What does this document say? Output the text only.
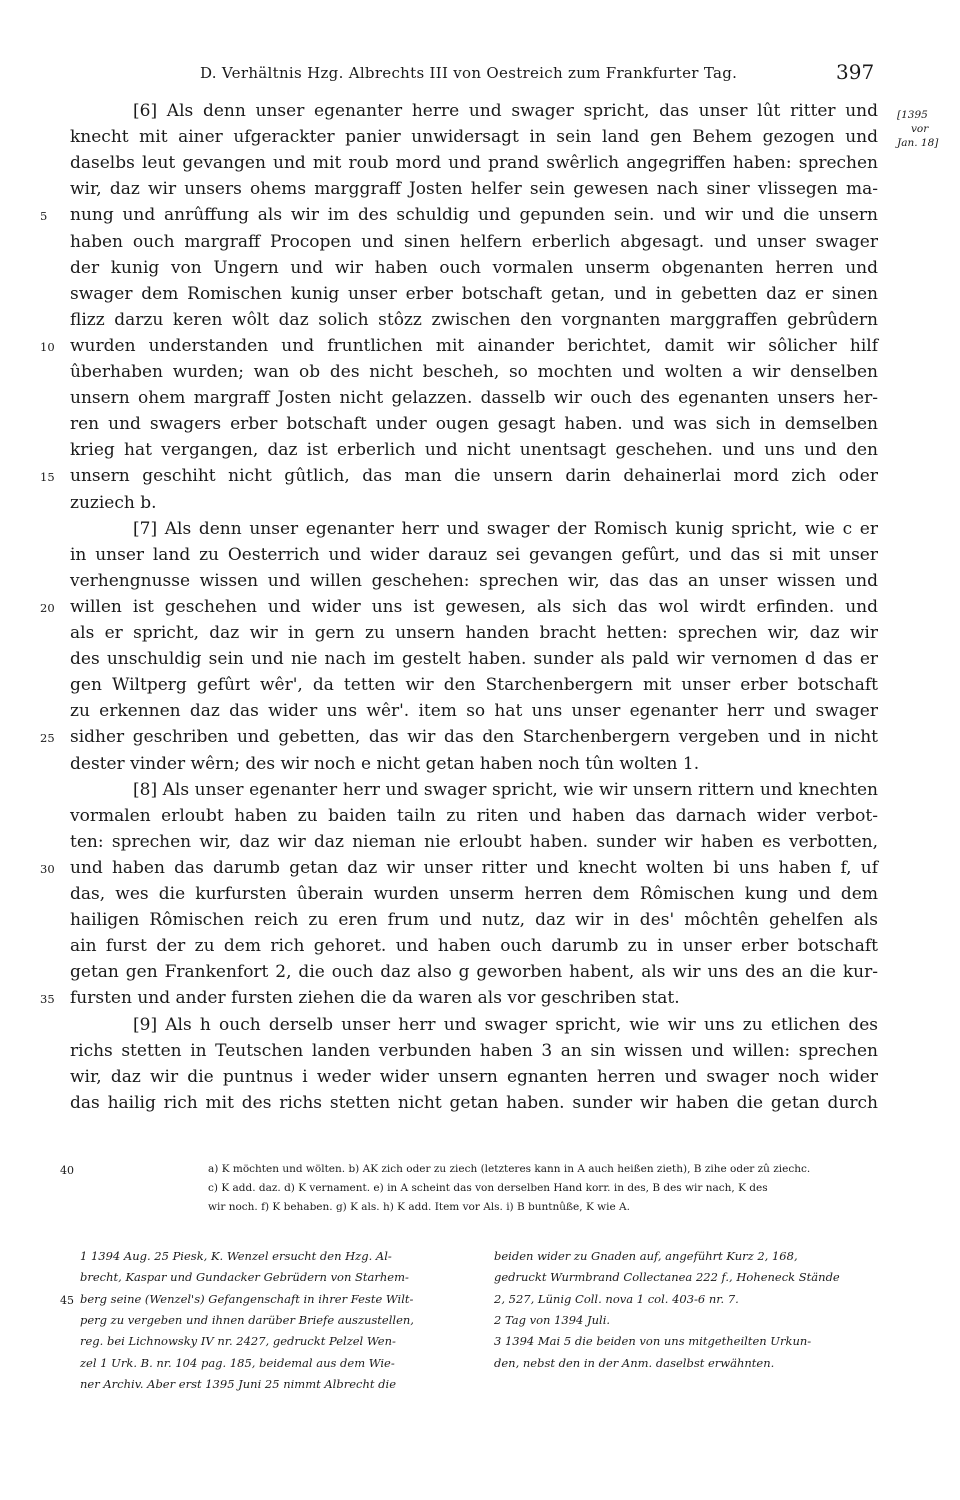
D. Verhältnis Hzg. Albrechts III von Oestreich zum Frankfurter Tag.	397
[1395
vor
Jan. 18]
[6] Als denn unser egenanter herre und swager spricht, das unser lût ritter und
knecht mit ainer ufgerackter panier unwidersagt in sein land gen Behem gezogen und
daselbs leut gevangen und mit roub mord und prand swêrlich angegriffen haben: sprechen
wir, daz wir unsers ohems marggraff Josten helfer sein gewesen nach siner vlissegen ma-
nung und anrûffung als wir im des schuldig und gepunden sein. und wir und die unsern
5
haben ouch margraff Procopen und sinen helfern erberlich abgesagt. und unser swager
der kunig von Ungern und wir haben ouch vormalen unserm obgenanten herren und
swager dem Romischen kunig unser erber botschaft getan, und in gebetten daz er sinen
flizz darzu keren wôlt daz solich stôzz zwischen den vorgnanten marggraffen gebrûdern
wurden understanden und fruntlichen mit ainander berichtet, damit wir sôlicher hilf
10
ûberhaben wurden; wan ob des nicht bescheh, so mochten und wolten a wir denselben
unsern ohem margraff Josten nicht gelazzen. dasselb wir ouch des egenanten unsers her-
ren und swagers erber botschaft under ougen gesagt haben. und was sich in demselben
krieg hat vergangen, daz ist erberlich und nicht unentsagt geschehen. und uns und den
unsern geschiht nicht gûtlich, das man die unsern darin dehainerlai mord zich oder
15
zuziech b.
[7] Als denn unser egenanter herr und swager der Romisch kunig spricht, wie c er
in unser land zu Oesterrich und wider darauz sei gevangen gefûrt, und das si mit unser
verhengnusse wissen und willen geschehen: sprechen wir, das das an unser wissen und
willen ist geschehen und wider uns ist gewesen, als sich das wol wirdt erfinden. und
20
als er spricht, daz wir in gern zu unsern handen bracht hetten: sprechen wir, daz wir
des unschuldig sein und nie nach im gestelt haben. sunder als pald wir vernomen d das er
gen Wiltperg gefûrt wêr', da tetten wir den Starchenbergern mit unser erber botschaft
zu erkennen daz das wider uns wêr'. item so hat uns unser egenanter herr und swager
sidher geschriben und gebetten, das wir das den Starchenbergern vergeben und in nicht
25
dester vinder wêrn; des wir noch e nicht getan haben noch tûn wolten 1.
[8] Als unser egenanter herr und swager spricht, wie wir unsern rittern und knechten
vormalen erloubt haben zu baiden tailn zu riten und haben das darnach wider verbot-
ten: sprechen wir, daz wir daz nieman nie erloubt haben. sunder wir haben es verbotten,
und haben das darumb getan daz wir unser ritter und knecht wolten bi uns haben f, uf
30
das, wes die kurfursten ûberain wurden unserm herren dem Rômischen kung und dem
hailigen Rômischen reich zu eren frum und nutz, daz wir in des' môchtên gehelfen als
ain furst der zu dem rich gehoret. und haben ouch darumb zu in unser erber botschaft
getan gen Frankenfort 2, die ouch daz also g geworben habent, als wir uns des an die kur-
fursten und ander fursten ziehen die da waren als vor geschriben stat.
35
[9] Als h ouch derselb unser herr und swager spricht, wie wir uns zu etlichen des
richs stetten in Teutschen landen verbunden haben 3 an sin wissen und willen: sprechen
wir, daz wir die puntnus i weder wider unsern egnanten herren und swager noch wider
das hailig rich mit des richs stetten nicht getan haben. sunder wir haben die getan durch
40	a) K möchten und wölten. b) AK zich oder zu ziech (letzteres kann in A auch heißen zieth), B zihe oder zû ziechc.
c) K add. daz. d) K vernament. e) in A scheint das von derselben Hand korr. in des, B des wir nach, K des
wir noch. f) K behaben. g) K als. h) K add. Item vor Als. i) B buntnûße, K wie A.
45
1 1394 Aug. 25 Piesk, K. Wenzel ersucht den Hzg. Al-
brecht, Kaspar und Gundacker Gebrüdern von Starhem-
berg seine (Wenzel's) Gefangenschaft in ihrer Feste Wilt-
perg zu vergeben und ihnen darüber Briefe auszustellen,
reg. bei Lichnowsky IV nr. 2427, gedruckt Pelzel Wen-
zel 1 Urk. B. nr. 104 pag. 185, beidemal aus dem Wie-
ner Archiv. Aber erst 1395 Juni 25 nimmt Albrecht die
beiden wider zu Gnaden auf, angeführt Kurz 2, 168,
gedruckt Wurmbrand Collectanea 222 f., Hoheneck Stände
2, 527, Lünig Coll. nova 1 col. 403-6 nr. 7.
2 Tag von 1394 Juli.
3 1394 Mai 5 die beiden von uns mitgetheilten Urkun-
den, nebst den in der Anm. daselbst erwähnten.
